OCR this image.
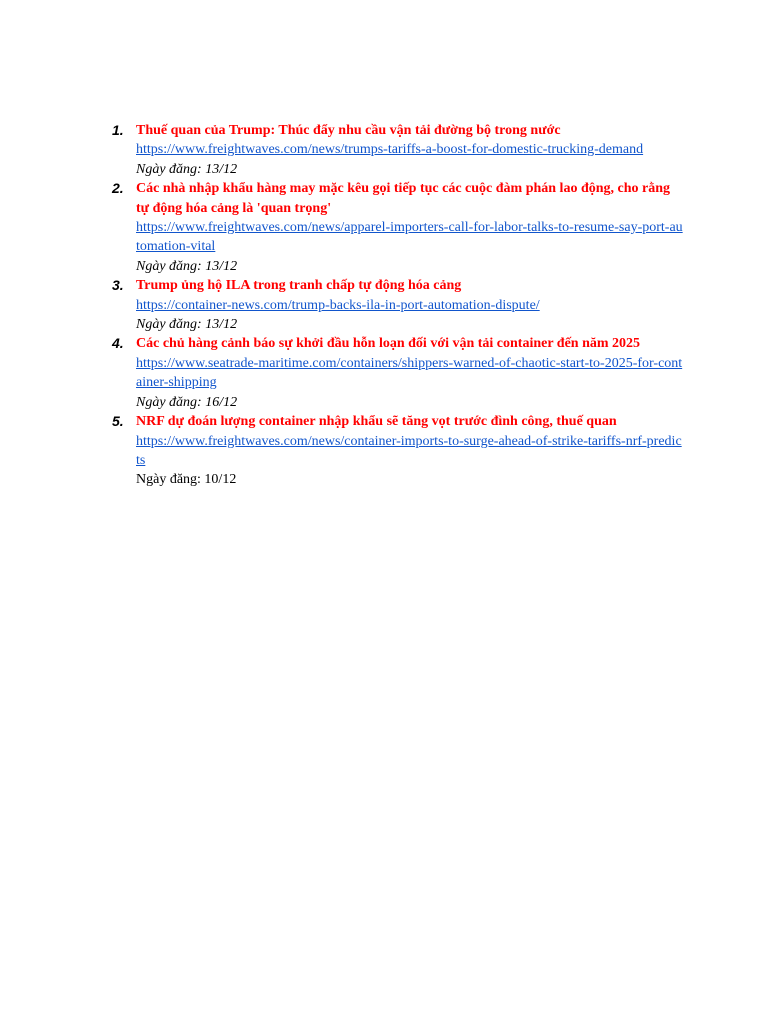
1. Thuế quan của Trump: Thúc đẩy nhu cầu vận tải đường bộ trong nước
https://www.freightwaves.com/news/trumps-tariffs-a-boost-for-domestic-trucking-demand
Ngày đăng: 13/12
2. Các nhà nhập khẩu hàng may mặc kêu gọi tiếp tục các cuộc đàm phán lao động, cho rằng tự động hóa cảng là 'quan trọng'
https://www.freightwaves.com/news/apparel-importers-call-for-labor-talks-to-resume-say-port-automation-vital
Ngày đăng: 13/12
3. Trump ủng hộ ILA trong tranh chấp tự động hóa cảng
https://container-news.com/trump-backs-ila-in-port-automation-dispute/
Ngày đăng: 13/12
4. Các chủ hàng cảnh báo sự khởi đầu hỗn loạn đối với vận tải container đến năm 2025
https://www.seatrade-maritime.com/containers/shippers-warned-of-chaotic-start-to-2025-for-container-shipping
Ngày đăng: 16/12
5. NRF dự đoán lượng container nhập khẩu sẽ tăng vọt trước đình công, thuế quan
https://www.freightwaves.com/news/container-imports-to-surge-ahead-of-strike-tariffs-nrf-predicts
Ngày đăng: 10/12
